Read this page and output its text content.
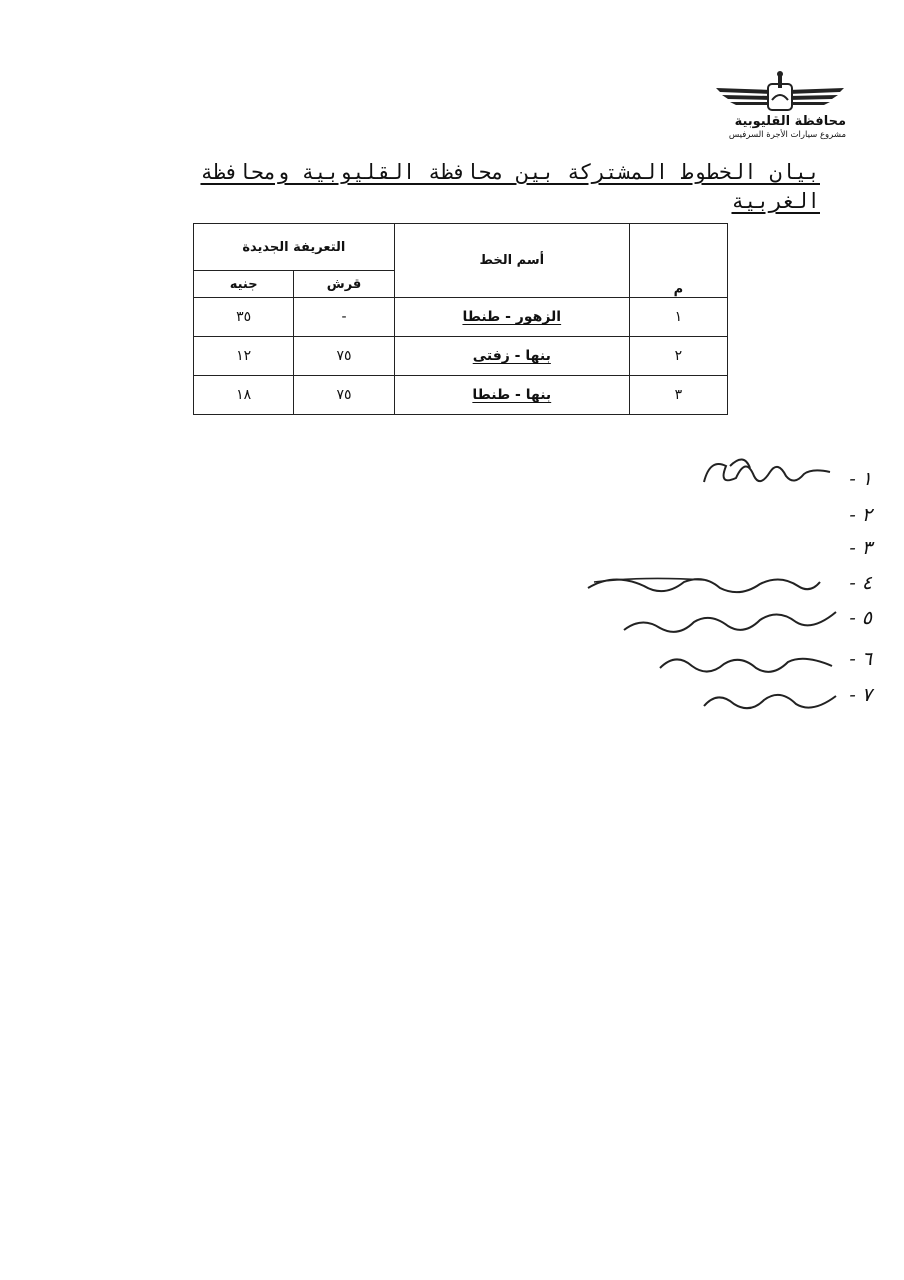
محافظة القليوبية
مشروع سيارات الأجرة السرفيس
بيان الخطوط المشتركة بين محافظة القليوبية ومحافظة الغربية
م	أسم الخط	التعريفة الجديدة	
		قرش	جنيه
١	الزهور - طنطا	-	٣٥
٢	بنها - زفتى	٧٥	١٢
٣	بنها - طنطا	٧٥	١٨
١ -
٢ -
٣ -
٤ -
٥ -
٦ -
٧ -
